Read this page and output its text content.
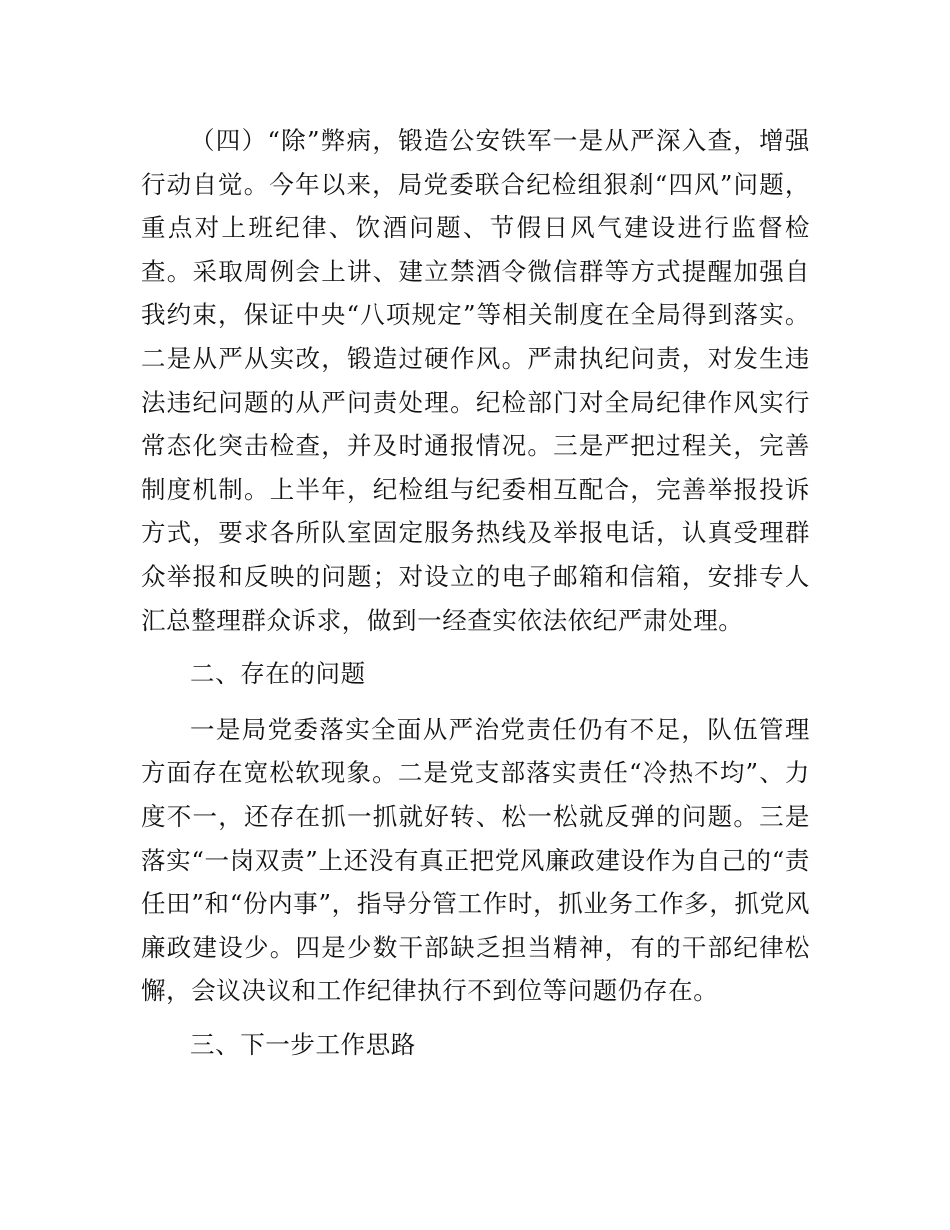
（四）“除”弊病，锻造公安铁军一是从严深入查，增强行动自觉。今年以来，局党委联合纪检组狠刹“四风”问题，重点对上班纪律、饮酒问题、节假日风气建设进行监督检查。采取周例会上讲、建立禁酒令微信群等方式提醒加强自我约束，保证中央“八项规定”等相关制度在全局得到落实。二是从严从实改，锻造过硬作风。严肃执纪问责，对发生违法违纪问题的从严问责处理。纪检部门对全局纪律作风实行常态化突击检查，并及时通报情况。三是严把过程关，完善制度机制。上半年，纪检组与纪委相互配合，完善举报投诉方式，要求各所队室固定服务热线及举报电话，认真受理群众举报和反映的问题；对设立的电子邮箱和信箱，安排专人汇总整理群众诉求，做到一经查实依法依纪严肃处理。

二、存在的问题

一是局党委落实全面从严治党责任仍有不足，队伍管理方面存在宽松软现象。二是党支部落实责任“冷热不均”、力度不一，还存在抓一抓就好转、松一松就反弹的问题。三是落实“一岗双责”上还没有真正把党风廉政建设作为自己的“责任田”和“份内事”，指导分管工作时，抓业务工作多，抓党风廉政建设少。四是少数干部缺乏担当精神，有的干部纪律松懈，会议决议和工作纪律执行不到位等问题仍存在。

三、下一步工作思路
